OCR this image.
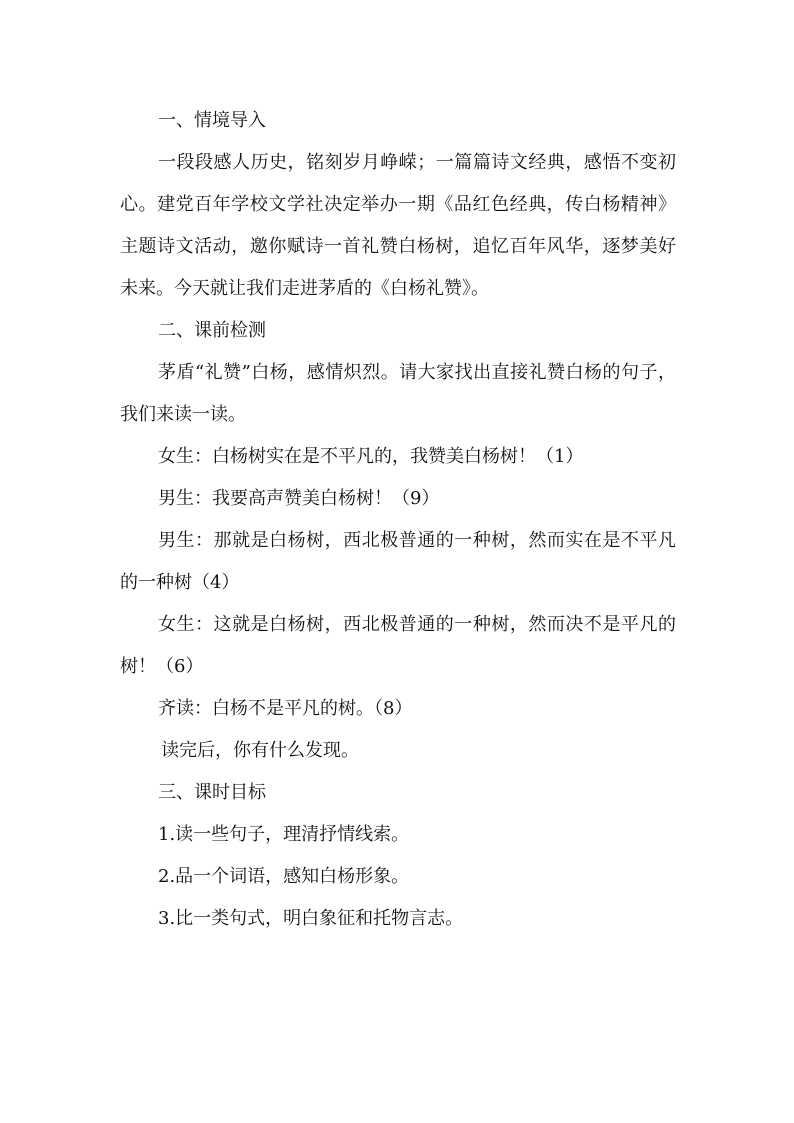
一、情境导入

一段段感人历史，铭刻岁月峥嵘；一篇篇诗文经典，感悟不变初心。建党百年学校文学社决定举办一期《品红色经典，传白杨精神》主题诗文活动，邀你赋诗一首礼赞白杨树，追忆百年风华，逐梦美好未来。今天就让我们走进茅盾的《白杨礼赞》。

二、课前检测

茅盾“礼赞”白杨，感情炽烈。请大家找出直接礼赞白杨的句子，我们来读一读。

女生：白杨树实在是不平凡的，我赞美白杨树！（1）

男生：我要高声赞美白杨树！（9）

男生：那就是白杨树，西北极普通的一种树，然而实在是不平凡的一种树（4）

女生：这就是白杨树，西北极普通的一种树，然而决不是平凡的树！（6）

齐读：白杨不是平凡的树。（8）

读完后，你有什么发现。

三、课时目标

1.读一些句子，理清抒情线索。

2.品一个词语，感知白杨形象。

3.比一类句式，明白象征和托物言志。
